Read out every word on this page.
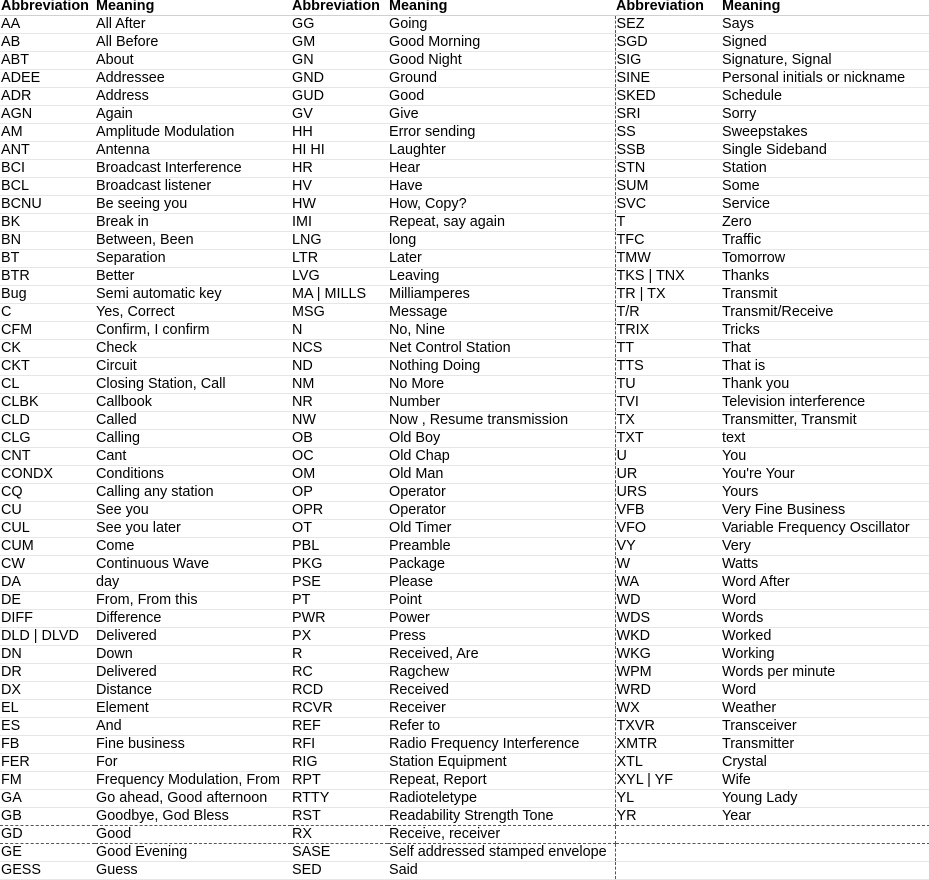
Abbreviation	Meaning	Abbreviation	Meaning	Abbreviation	Meaning
AA	All After	GG	Going	SEZ	Says
AB	All Before	GM	Good Morning	SGD	Signed
ABT	About	GN	Good Night	SIG	Signature, Signal
ADEE	Addressee	GND	Ground	SINE	Personal initials or nickname
ADR	Address	GUD	Good	SKED	Schedule
AGN	Again	GV	Give	SRI	Sorry
AM	Amplitude Modulation	HH	Error sending	SS	Sweepstakes
ANT	Antenna	HI HI	Laughter	SSB	Single Sideband
BCI	Broadcast Interference	HR	Hear	STN	Station
BCL	Broadcast listener	HV	Have	SUM	Some
BCNU	Be seeing you	HW	How, Copy?	SVC	Service
BK	Break in	IMI	Repeat, say again	T	Zero
BN	Between, Been	LNG	long	TFC	Traffic
BT	Separation	LTR	Later	TMW	Tomorrow
BTR	Better	LVG	Leaving	TKS | TNX	Thanks
Bug	Semi automatic key	MA | MILLS	Milliamperes	TR | TX	Transmit
C	Yes, Correct	MSG	Message	T/R	Transmit/Receive
CFM	Confirm, I confirm	N	No, Nine	TRIX	Tricks
CK	Check	NCS	Net Control Station	TT	That
CKT	Circuit	ND	Nothing Doing	TTS	That is
CL	Closing Station, Call	NM	No More	TU	Thank you
CLBK	Callbook	NR	Number	TVI	Television interference
CLD	Called	NW	Now , Resume transmission	TX	Transmitter, Transmit
CLG	Calling	OB	Old Boy	TXT	text
CNT	Cant	OC	Old Chap	U	You
CONDX	Conditions	OM	Old Man	UR	You're Your
CQ	Calling any station	OP	Operator	URS	Yours
CU	See you	OPR	Operator	VFB	Very Fine Business
CUL	See you later	OT	Old Timer	VFO	Variable Frequency Oscillator
CUM	Come	PBL	Preamble	VY	Very
CW	Continuous Wave	PKG	Package	W	Watts
DA	day	PSE	Please	WA	Word After
DE	From, From this	PT	Point	WD	Word
DIFF	Difference	PWR	Power	WDS	Words
DLD | DLVD	Delivered	PX	Press	WKD	Worked
DN	Down	R	Received, Are	WKG	Working
DR	Delivered	RC	Ragchew	WPM	Words per minute
DX	Distance	RCD	Received	WRD	Word
EL	Element	RCVR	Receiver	WX	Weather
ES	And	REF	Refer to	TXVR	Transceiver
FB	Fine business	RFI	Radio Frequency Interference	XMTR	Transmitter
FER	For	RIG	Station Equipment	XTL	Crystal
FM	Frequency Modulation, From	RPT	Repeat, Report	XYL | YF	Wife
GA	Go ahead, Good afternoon	RTTY	Radioteletype	YL	Young Lady
GB	Goodbye, God Bless	RST	Readability Strength Tone	YR	Year
GD	Good	RX	Receive, receiver		
GE	Good Evening	SASE	Self addressed stamped envelope		
GESS	Guess	SED	Said		
